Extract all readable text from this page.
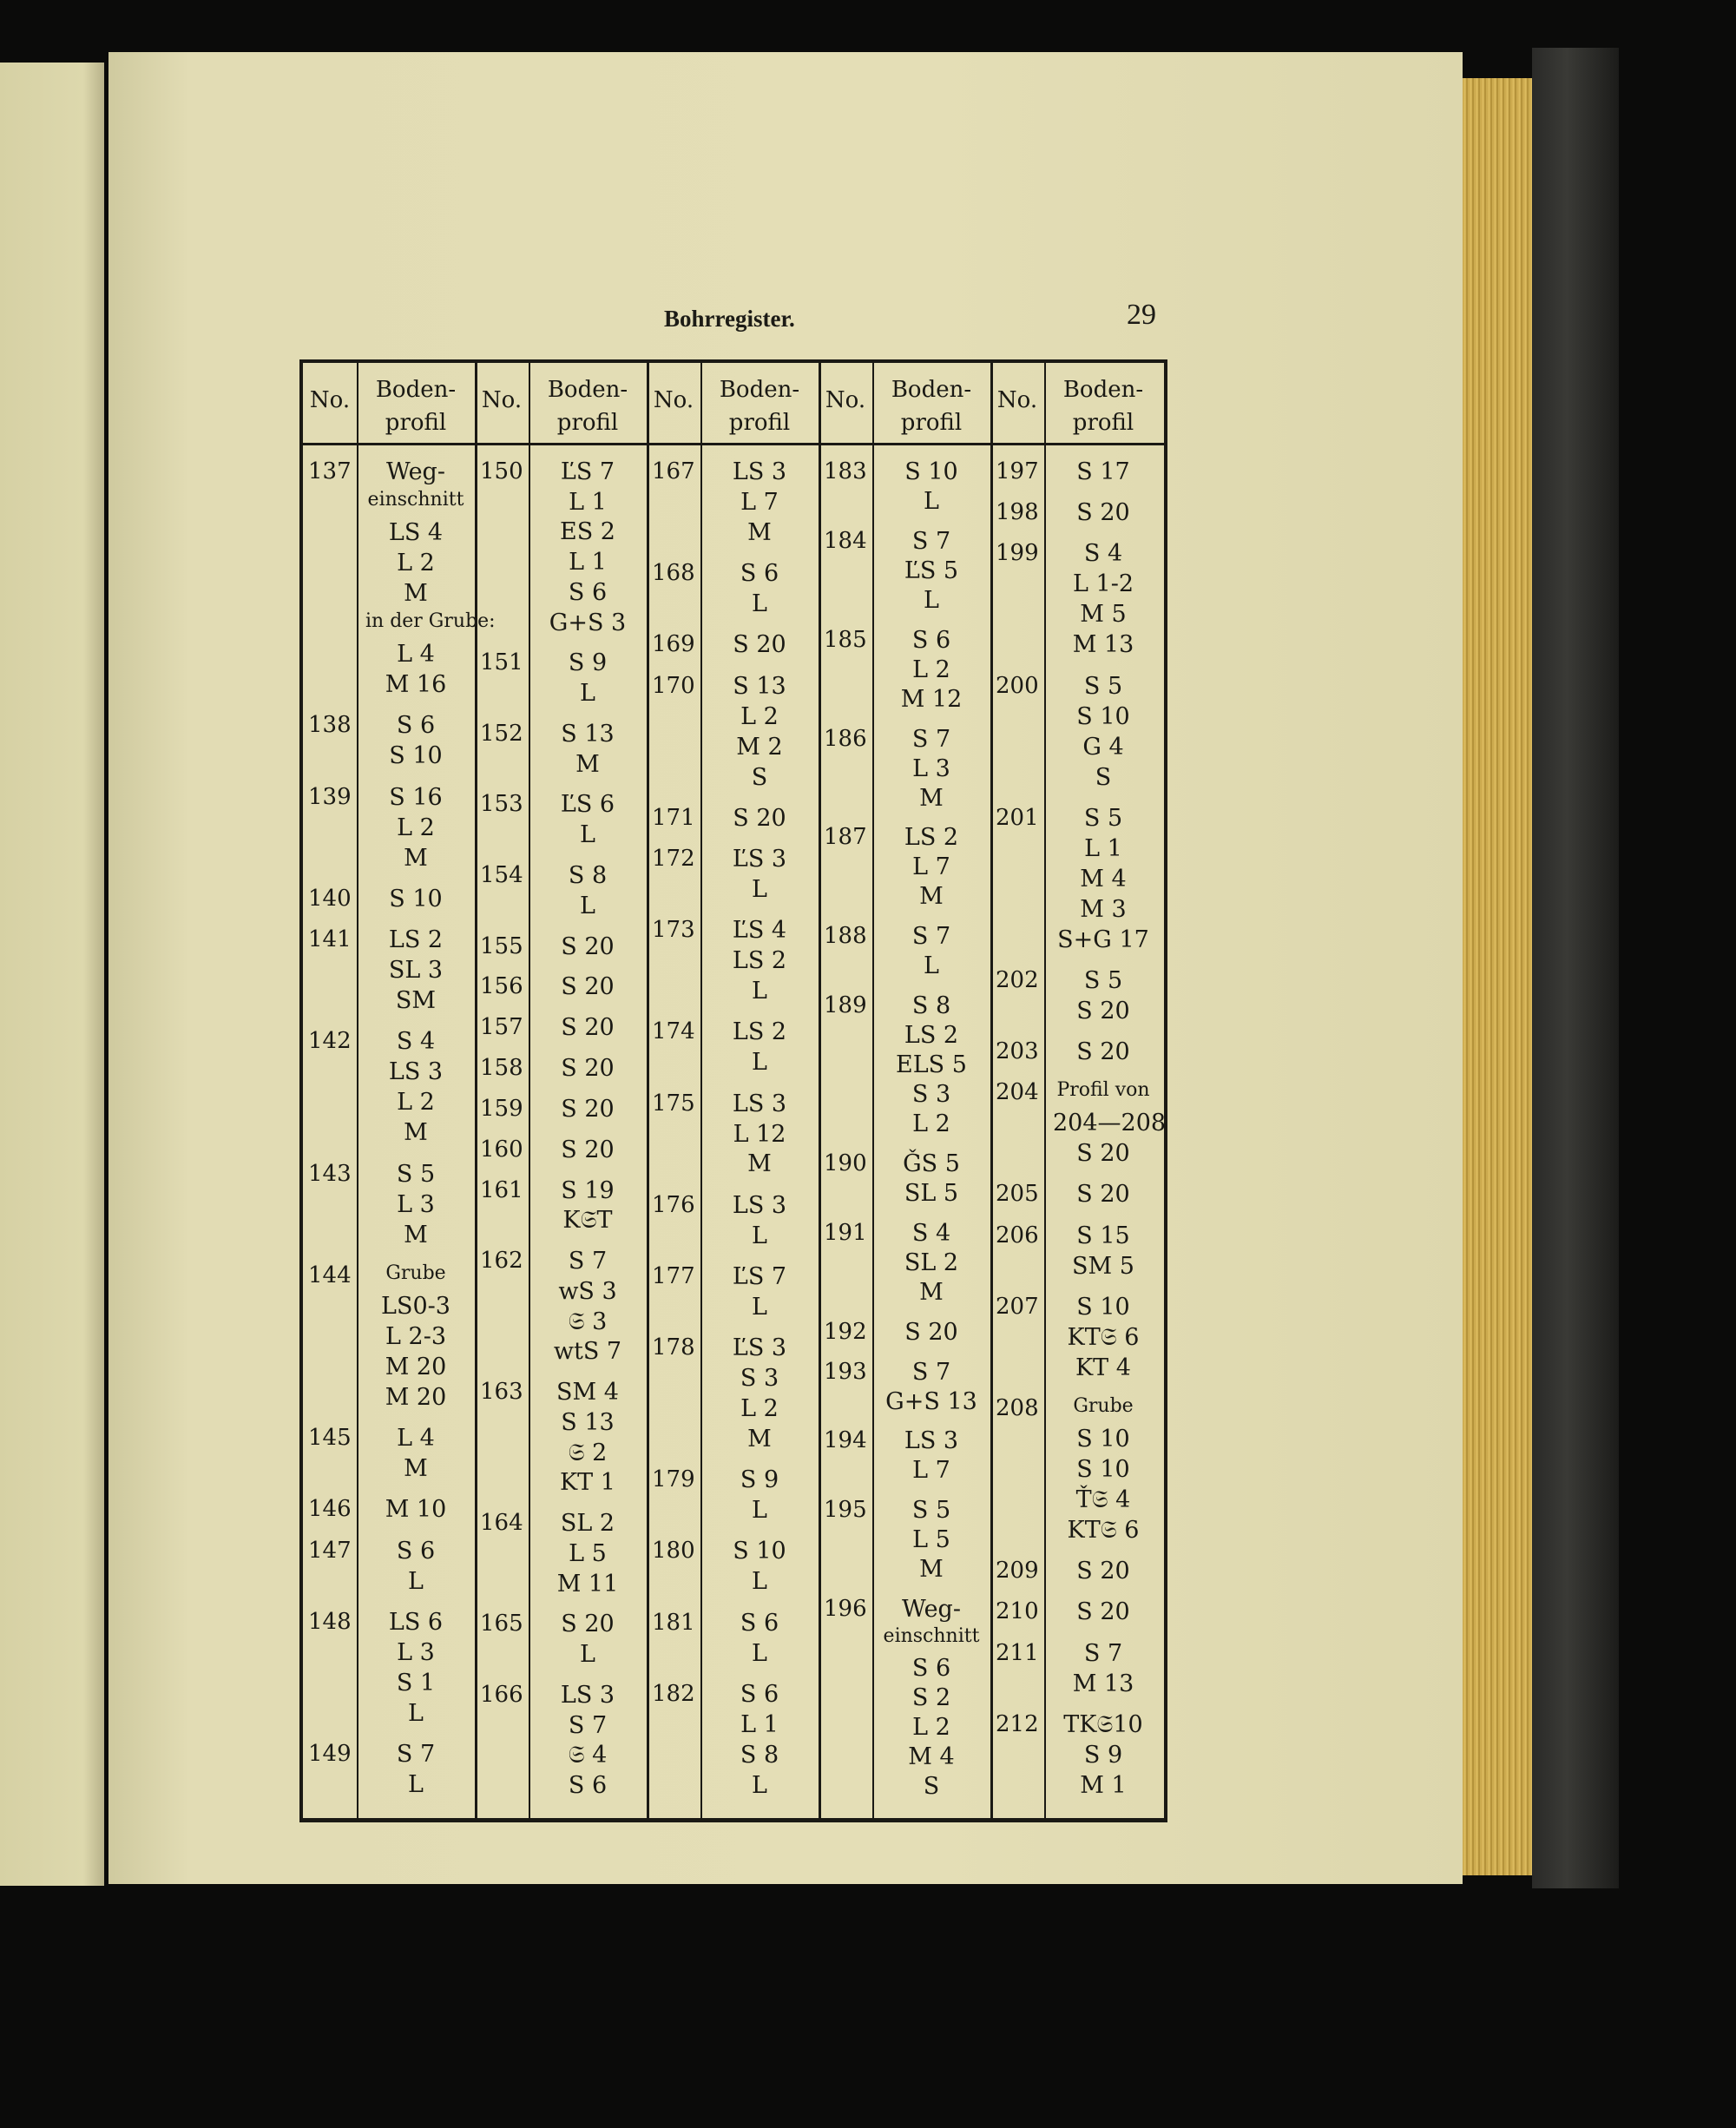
Bohrregister.	29
No.	Boden-
profil
137	Weg-
einschnitt
LS 4
L 2
M
in der Grube:
L 4
M 16
138	S 6
S 10
139	S 16
L 2
M
140	S 10
141	LS 2
SL 3
SM
142	S 4
LS 3
L 2
M
143	S 5
L 3
M
144	Grube
LS0-3
L 2-3
M 20
M 20
145	L 4
M
146	M 10
147	S 6
L
148	LS 6
L 3
S 1
L
149	S 7
L
No.	Boden-
profil
150	ĽS 7
L 1
ES 2
L 1
S 6
G+S 3
151	S 9
L
152	S 13
M
153	ĽS 6
L
154	S 8
L
155	S 20
156	S 20
157	S 20
158	S 20
159	S 20
160	S 20
161	S 19
K𝔖T
162	S 7
wS 3
𝔖 3
wtS 7
163	SM 4
S 13
𝔖 2
KT 1
164	SL 2
L 5
M 11
165	S 20
L
166	LS 3
S 7
𝔖 4
S 6
No.	Boden-
profil
167	LS 3
L 7
M
168	S 6
L
169	S 20
170	S 13
L 2
M 2
S
171	S 20
172	ĽS 3
L
173	ĽS 4
LS 2
L
174	LS 2
L
175	LS 3
L 12
M
176	LS 3
L
177	ĽS 7
L
178	ĽS 3
S 3
L 2
M
179	S 9
L
180	S 10
L
181	S 6
L
182	S 6
L 1
S 8
L
No.	Boden-
profil
183	S 10
L
184	S 7
ĽS 5
L
185	S 6
L 2
M 12
186	S 7
L 3
M
187	LS 2
L 7
M
188	S 7
L
189	S 8
LS 2
ELS 5
S 3
L 2
190	ǦS 5
SL 5
191	S 4
SL 2
M
192	S 20
193	S 7
G+S 13
194	LS 3
L 7
195	S 5
L 5
M
196	Weg-
einschnitt
S 6
S 2
L 2
M 4
S
No.	Boden-
profil
197	S 17
198	S 20
199	S 4
L 1-2
M 5
M 13
200	S 5
S 10
G 4
S
201	S 5
L 1
M 4
M 3
S+G 17
202	S 5
S 20
203	S 20
204 Profil von
204—208
S 20
205	S 20
206	S 15
SM 5
207	S 10
KT𝔖 6
KT 4
208	Grube
S 10
S 10
Ť𝔖 4
KT𝔖 6
209	S 20
210	S 20
211	S 7
M 13
212	TK𝔖10
S 9
M 1
